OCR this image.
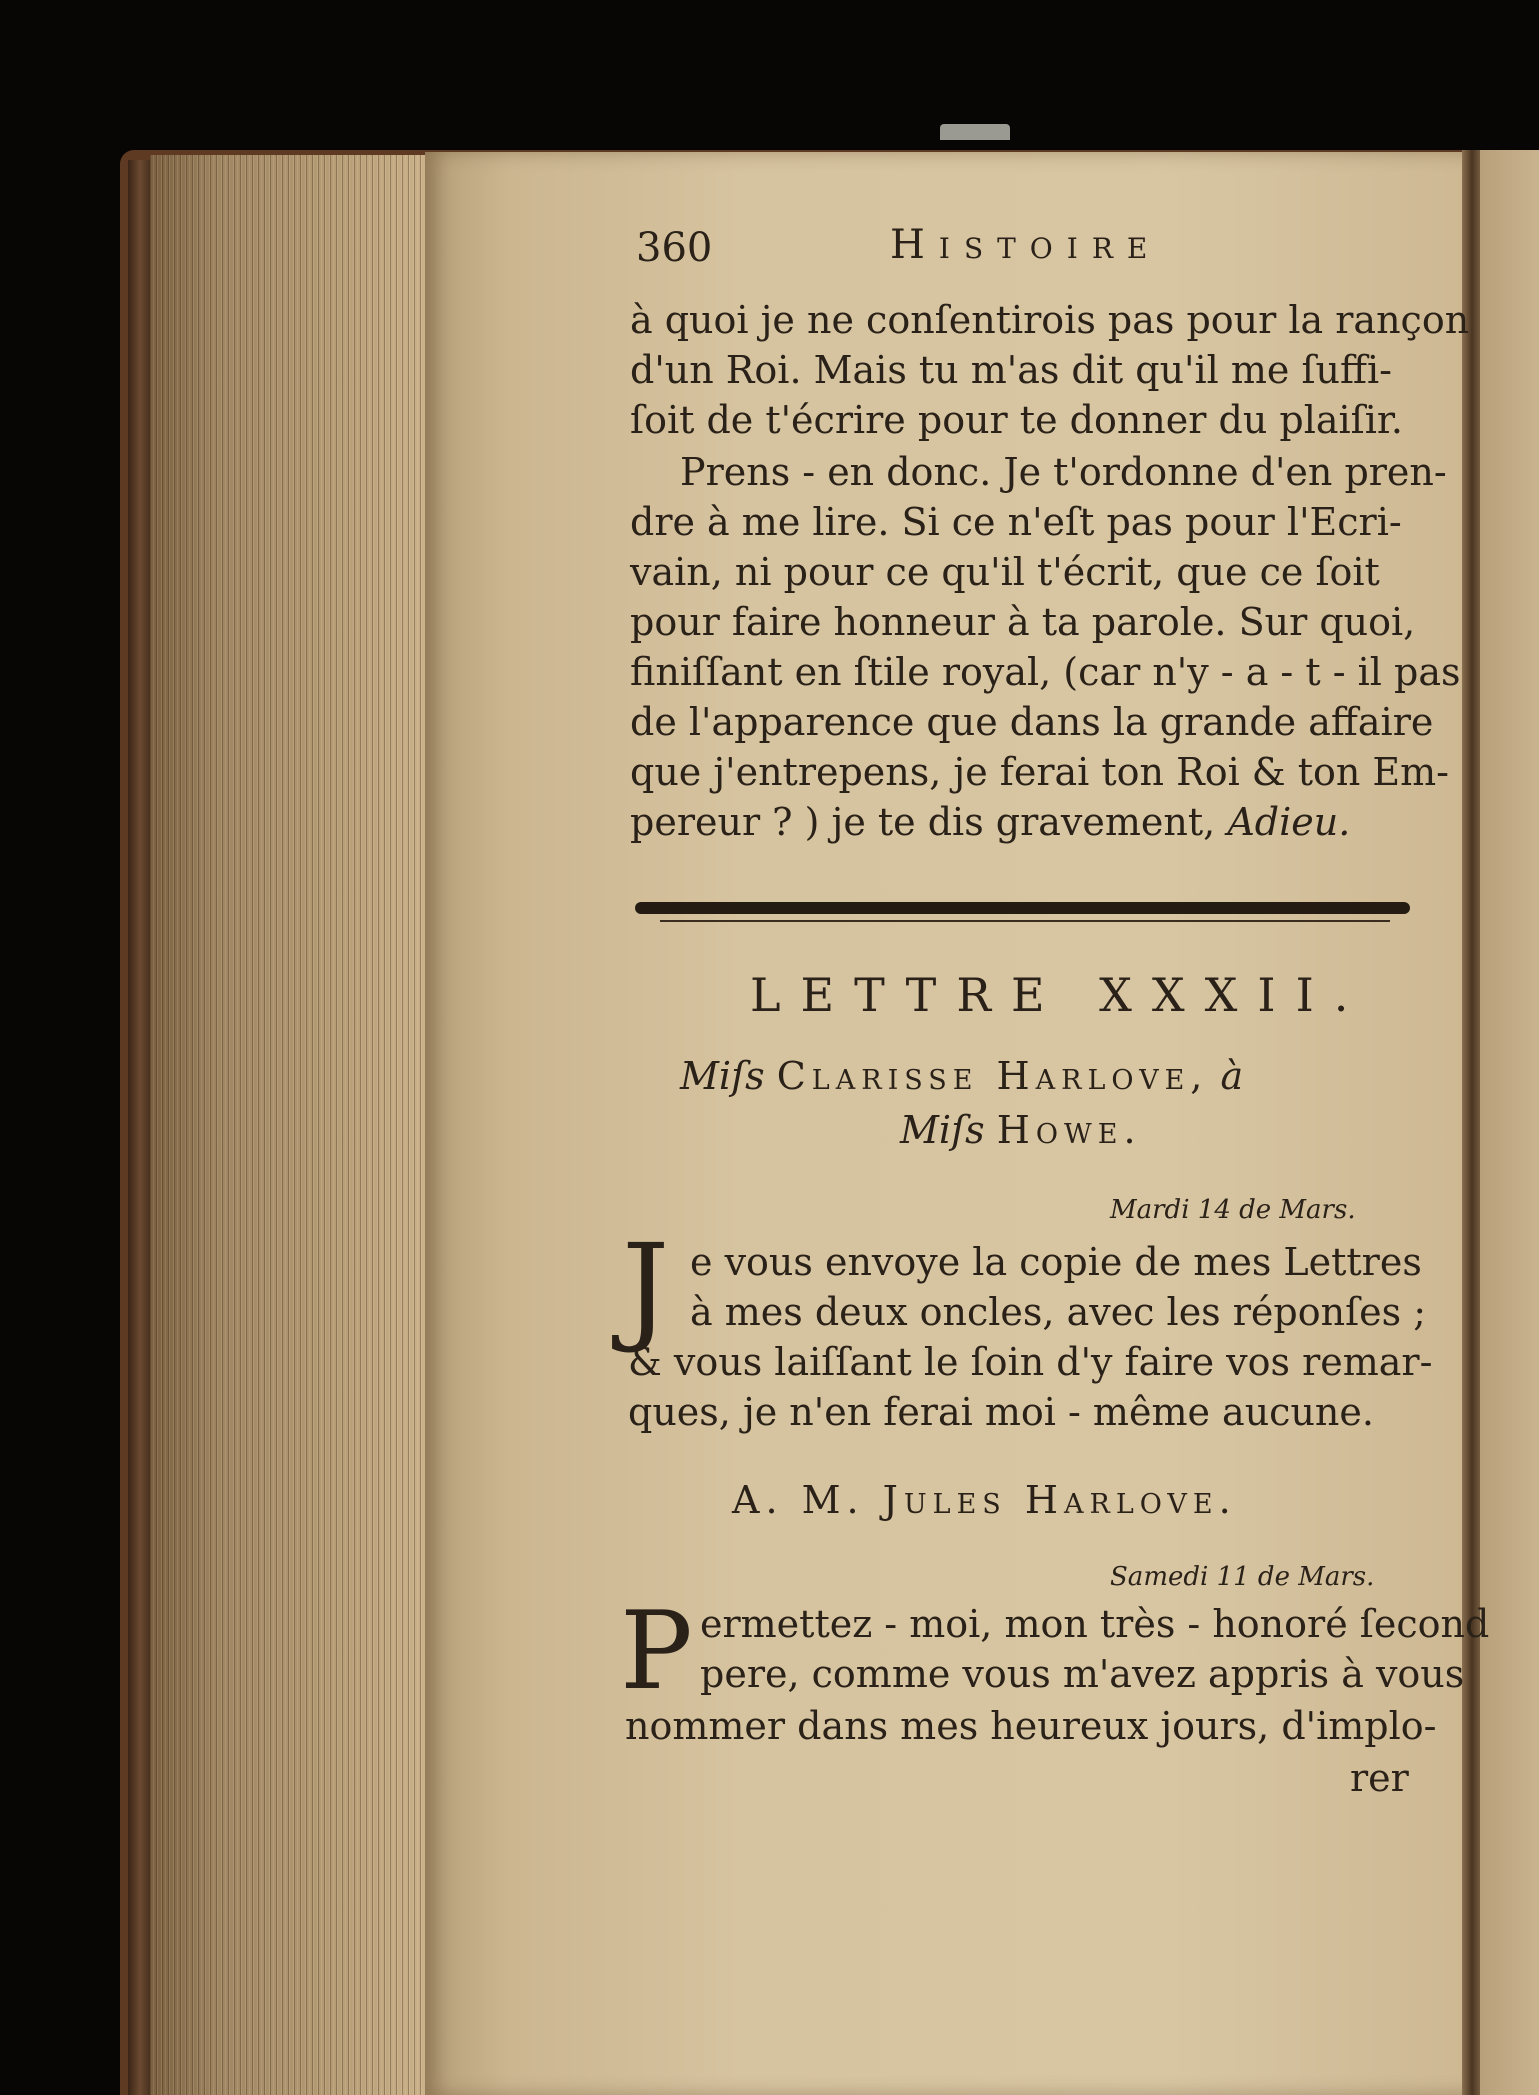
360	Histoire
à quoi je ne conſentirois pas pour la rançon
d'un Roi. Mais tu m'as dit qu'il me ſuffi-
ſoit de t'écrire pour te donner du plaiſir.
Prens - en donc. Je t'ordonne d'en pren-
dre à me lire. Si ce n'eſt pas pour l'Ecri-
vain, ni pour ce qu'il t'écrit, que ce ſoit
pour faire honneur à ta parole. Sur quoi,
finiſſant en ſtile royal, (car n'y - a - t - il pas
de l'apparence que dans la grande affaire
que j'entrepens, je ferai ton Roi & ton Em-
pereur ? ) je te dis gravement, Adieu.
LETTRE XXXII.
Miſs Clarisse Harlove, à
Miſs Howe.
Mardi 14 de Mars.
J e vous envoye la copie de mes Lettres
à mes deux oncles, avec les réponſes ;
& vous laiſſant le ſoin d'y faire vos remar-
ques, je n'en ferai moi - même aucune.
A. M. Jules Harlove.
Samedi 11 de Mars.
P ermettez - moi, mon très - honoré ſecond
pere, comme vous m'avez appris à vous
nommer dans mes heureux jours, d'implo-
rer
